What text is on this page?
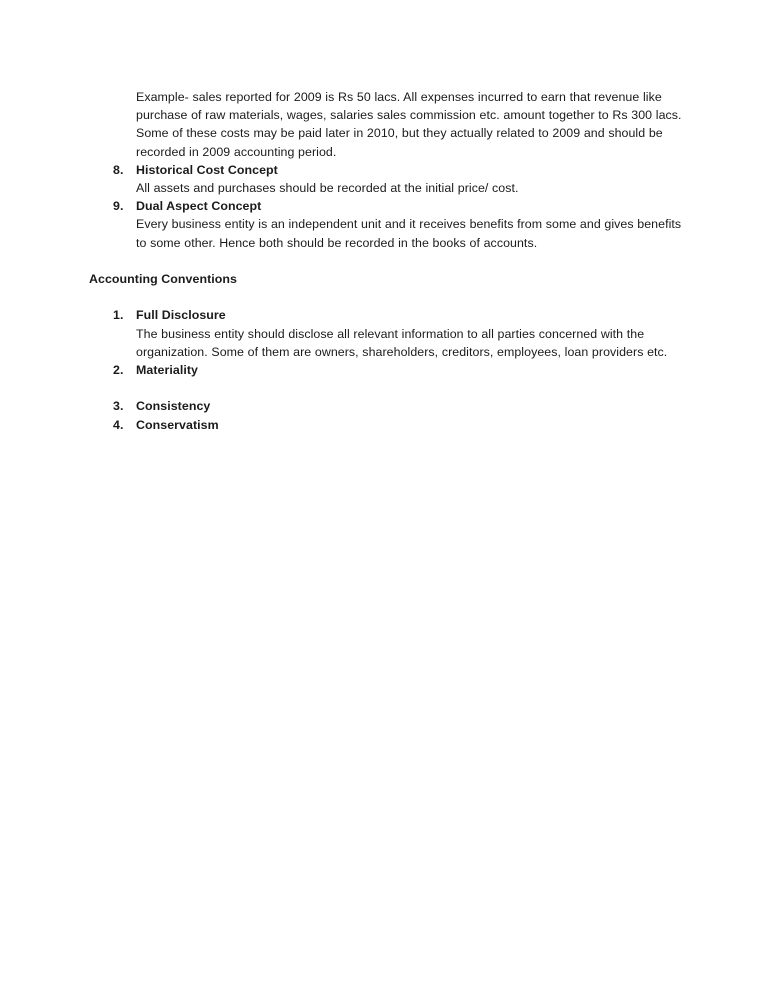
Example- sales reported for 2009 is Rs 50 lacs. All expenses incurred to earn that revenue like purchase of raw materials, wages, salaries sales commission etc. amount together to Rs 300 lacs. Some of these costs may be paid later in 2010, but they actually related to 2009 and should be recorded in 2009 accounting period.

8.	Historical Cost Concept

All assets and purchases should be recorded at the initial price/ cost.

9.	Dual Aspect Concept

Every business entity is an independent unit and it receives benefits from some and gives benefits to some other. Hence both should be recorded in the books of accounts.

Accounting Conventions

1.	Full Disclosure

The business entity should disclose all relevant information to all parties concerned with the organization. Some of them are owners, shareholders, creditors, employees, loan providers etc.

2.	Materiality
3.	Consistency
4.	Conservatism
